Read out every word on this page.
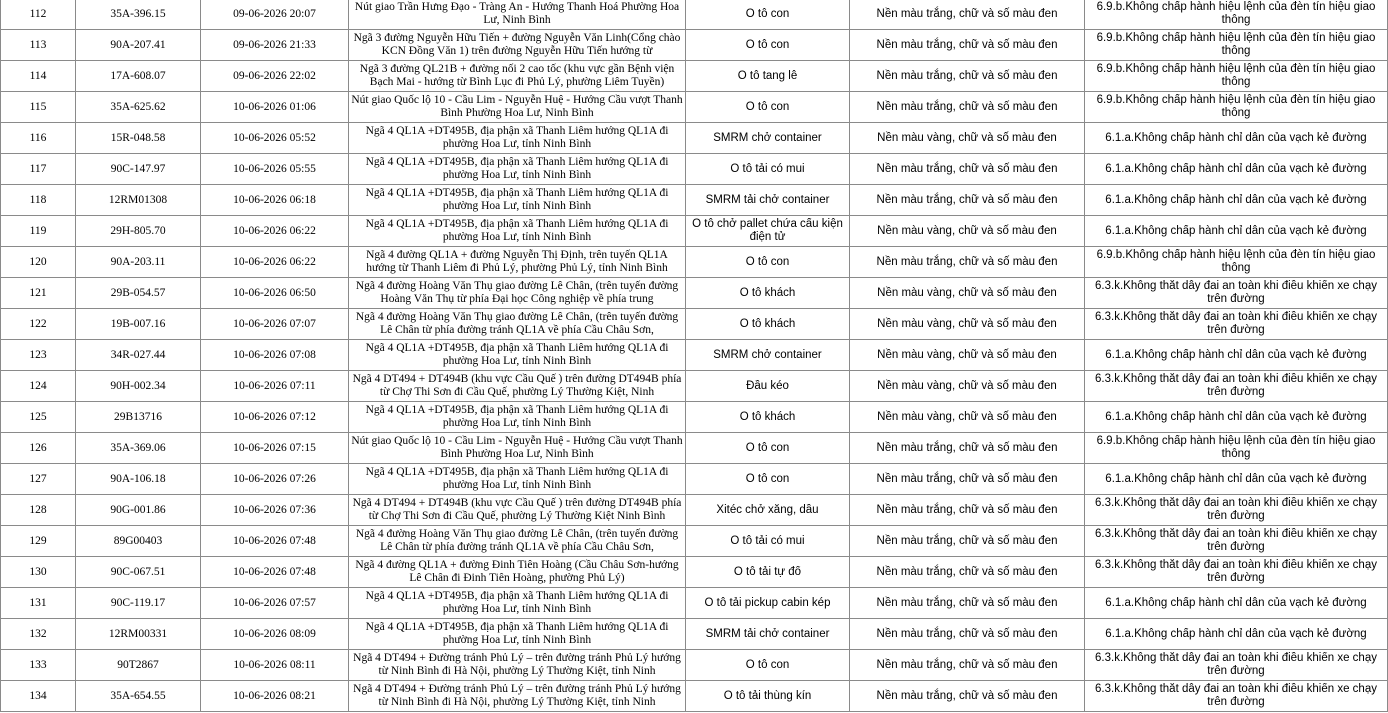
112	35A-396.15	09-06-2026 20:07	Nút giao Trần Hưng Đạo - Tràng An - Hướng Thanh Hoá Phường Hoa Lư, Ninh Bình	Ô tô con	Nền màu trắng, chữ và số màu đen	6.9.b.Không chấp hành hiệu lệnh của đèn tín hiệu giao thông

113	90A-207.41	09-06-2026 21:33	Ngã 3 đường Nguyễn Hữu Tiến + đường Nguyễn Văn Linh(Cổng chào KCN Đồng Văn 1) trên đường Nguyễn Hữu Tiến hướng từ	Ô tô con	Nền màu trắng, chữ và số màu đen	6.9.b.Không chấp hành hiệu lệnh của đèn tín hiệu giao thông

114	17A-608.07	09-06-2026 22:02	Ngã 3 đường QL21B + đường nối 2 cao tốc (khu vực gần Bệnh viện Bạch Mai - hướng từ Bình Lục đi Phủ Lý, phường Liêm Tuyền)	Ô tô tang lễ	Nền màu trắng, chữ và số màu đen	6.9.b.Không chấp hành hiệu lệnh của đèn tín hiệu giao thông

115	35A-625.62	10-06-2026 01:06	Nút giao Quốc lộ 10 - Cầu Lim - Nguyễn Huệ - Hướng Cầu vượt Thanh Bình Phường Hoa Lư, Ninh Bình	Ô tô con	Nền màu trắng, chữ và số màu đen	6.9.b.Không chấp hành hiệu lệnh của đèn tín hiệu giao thông

116	15R-048.58	10-06-2026 05:52	Ngã 4 QL1A +DT495B, địa phận xã Thanh Liêm hướng QL1A đi phường Hoa Lư, tỉnh Ninh Bình	SMRM chở container	Nền màu vàng, chữ và số màu đen	6.1.a.Không chấp hành chỉ dẫn của vạch kẻ đường

117	90C-147.97	10-06-2026 05:55	Ngã 4 QL1A +DT495B, địa phận xã Thanh Liêm hướng QL1A đi phường Hoa Lư, tỉnh Ninh Bình	Ô tô tải có mui	Nền màu trắng, chữ và số màu đen	6.1.a.Không chấp hành chỉ dẫn của vạch kẻ đường

118	12RM01308	10-06-2026 06:18	Ngã 4 QL1A +DT495B, địa phận xã Thanh Liêm hướng QL1A đi phường Hoa Lư, tỉnh Ninh Bình	SMRM tải chở container	Nền màu trắng, chữ và số màu đen	6.1.a.Không chấp hành chỉ dẫn của vạch kẻ đường

119	29H-805.70	10-06-2026 06:22	Ngã 4 QL1A +DT495B, địa phận xã Thanh Liêm hướng QL1A đi phường Hoa Lư, tỉnh Ninh Bình	Ô tô chở pallet chứa cấu kiện điện tử	Nền màu vàng, chữ và số màu đen	6.1.a.Không chấp hành chỉ dẫn của vạch kẻ đường

120	90A-203.11	10-06-2026 06:22	Ngã 4 đường QL1A + đường Nguyễn Thị Định, trên tuyến QL1A hướng từ Thanh Liêm đi Phủ Lý, phường Phủ Lý, tỉnh Ninh Bình	Ô tô con	Nền màu trắng, chữ và số màu đen	6.9.b.Không chấp hành hiệu lệnh của đèn tín hiệu giao thông

121	29B-054.57	10-06-2026 06:50	Ngã 4 đường Hoàng Văn Thụ giao đường Lê Chân, (trên tuyến đường Hoàng Văn Thụ từ phía Đại học Công nghiệp về phía trung	Ô tô khách	Nền màu vàng, chữ và số màu đen	6.3.k.Không thắt dây đai an toàn khi điều khiển xe chạy trên đường

122	19B-007.16	10-06-2026 07:07	Ngã 4 đường Hoàng Văn Thụ giao đường Lê Chân, (trên tuyến đường Lê Chân từ phía đường tránh QL1A về phía Cầu Châu Sơn,	Ô tô khách	Nền màu vàng, chữ và số màu đen	6.3.k.Không thắt dây đai an toàn khi điều khiển xe chạy trên đường

123	34R-027.44	10-06-2026 07:08	Ngã 4 QL1A +DT495B, địa phận xã Thanh Liêm hướng QL1A đi phường Hoa Lư, tỉnh Ninh Bình	SMRM chở container	Nền màu vàng, chữ và số màu đen	6.1.a.Không chấp hành chỉ dẫn của vạch kẻ đường

124	90H-002.34	10-06-2026 07:11	Ngã 4 DT494 + DT494B (khu vực Cầu Quế ) trên đường DT494B phía từ Chợ Thi Sơn đi Cầu Quế, phường Lý Thường Kiệt, Ninh	Đầu kéo	Nền màu vàng, chữ và số màu đen	6.3.k.Không thắt dây đai an toàn khi điều khiển xe chạy trên đường

125	29B13716	10-06-2026 07:12	Ngã 4 QL1A +DT495B, địa phận xã Thanh Liêm hướng QL1A đi phường Hoa Lư, tỉnh Ninh Bình	Ô tô khách	Nền màu vàng, chữ và số màu đen	6.1.a.Không chấp hành chỉ dẫn của vạch kẻ đường

126	35A-369.06	10-06-2026 07:15	Nút giao Quốc lộ 10 - Cầu Lim - Nguyễn Huệ - Hướng Cầu vượt Thanh Bình Phường Hoa Lư, Ninh Bình	Ô tô con	Nền màu trắng, chữ và số màu đen	6.9.b.Không chấp hành hiệu lệnh của đèn tín hiệu giao thông

127	90A-106.18	10-06-2026 07:26	Ngã 4 QL1A +DT495B, địa phận xã Thanh Liêm hướng QL1A đi phường Hoa Lư, tỉnh Ninh Bình	Ô tô con	Nền màu trắng, chữ và số màu đen	6.1.a.Không chấp hành chỉ dẫn của vạch kẻ đường

128	90G-001.86	10-06-2026 07:36	Ngã 4 DT494 + DT494B (khu vực Cầu Quế ) trên đường DT494B phía từ Chợ Thi Sơn đi Cầu Quế, phường Lý Thường Kiệt Ninh Bình	Xitéc chở xăng, dầu	Nền màu trắng, chữ và số màu đen	6.3.k.Không thắt dây đai an toàn khi điều khiển xe chạy trên đường

129	89G00403	10-06-2026 07:48	Ngã 4 đường Hoàng Văn Thụ giao đường Lê Chân, (trên tuyến đường Lê Chân từ phía đường tránh QL1A về phía Cầu Châu Sơn,	Ô tô tải có mui	Nền màu trắng, chữ và số màu đen	6.3.k.Không thắt dây đai an toàn khi điều khiển xe chạy trên đường

130	90C-067.51	10-06-2026 07:48	Ngã 4 đường QL1A + đường Đinh Tiên Hoàng (Cầu Châu Sơn-hướng Lê Chân đi Đinh Tiên Hoàng, phường Phủ Lý)	Ô tô tải tự đổ	Nền màu trắng, chữ và số màu đen	6.3.k.Không thắt dây đai an toàn khi điều khiển xe chạy trên đường

131	90C-119.17	10-06-2026 07:57	Ngã 4 QL1A +DT495B, địa phận xã Thanh Liêm hướng QL1A đi phường Hoa Lư, tỉnh Ninh Bình	Ô tô tải pickup cabin kép	Nền màu trắng, chữ và số màu đen	6.1.a.Không chấp hành chỉ dẫn của vạch kẻ đường

132	12RM00331	10-06-2026 08:09	Ngã 4 QL1A +DT495B, địa phận xã Thanh Liêm hướng QL1A đi phường Hoa Lư, tỉnh Ninh Bình	SMRM tải chở container	Nền màu trắng, chữ và số màu đen	6.1.a.Không chấp hành chỉ dẫn của vạch kẻ đường

133	90T2867	10-06-2026 08:11	Ngã 4 DT494 + Đường tránh Phủ Lý – trên đường tránh Phủ Lý hướng từ Ninh Bình đi Hà Nội, phường Lý Thường Kiệt, tỉnh Ninh	Ô tô con	Nền màu trắng, chữ và số màu đen	6.3.k.Không thắt dây đai an toàn khi điều khiển xe chạy trên đường

134	35A-654.55	10-06-2026 08:21	Ngã 4 DT494 + Đường tránh Phủ Lý – trên đường tránh Phủ Lý hướng từ Ninh Bình đi Hà Nội, phường Lý Thường Kiệt, tỉnh Ninh	Ô tô tải thùng kín	Nền màu trắng, chữ và số màu đen	6.3.k.Không thắt dây đai an toàn khi điều khiển xe chạy trên đường
